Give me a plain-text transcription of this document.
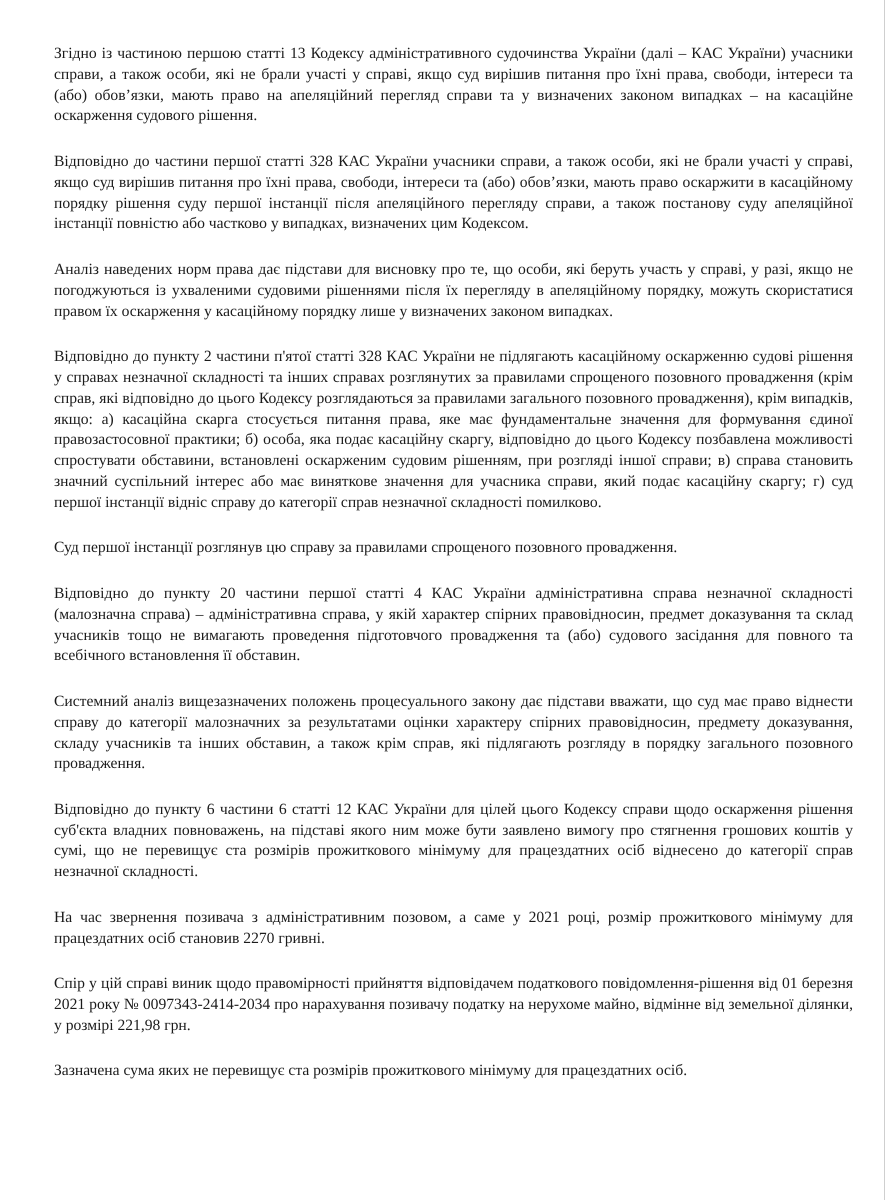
Згідно із частиною першою статті 13 Кодексу адміністративного судочинства України (далі – КАС України) учасники справи, а також особи, які не брали участі у справі, якщо суд вирішив питання про їхні права, свободи, інтереси та (або) обов’язки, мають право на апеляційний перегляд справи та у визначених законом випадках – на касаційне оскарження судового рішення.

Відповідно до частини першої статті 328 КАС України учасники справи, а також особи, які не брали участі у справі, якщо суд вирішив питання про їхні права, свободи, інтереси та (або) обов’язки, мають право оскаржити в касаційному порядку рішення суду першої інстанції після апеляційного перегляду справи, а також постанову суду апеляційної інстанції повністю або частково у випадках, визначених цим Кодексом.

Аналіз наведених норм права дає підстави для висновку про те, що особи, які беруть участь у справі, у разі, якщо не погоджуються із ухваленими судовими рішеннями після їх перегляду в апеляційному порядку, можуть скористатися правом їх оскарження у касаційному порядку лише у визначених законом випадках.

Відповідно до пункту 2 частини п'ятої статті 328 КАС України не підлягають касаційному оскарженню судові рішення у справах незначної складності та інших справах розглянутих за правилами спрощеного позовного провадження (крім справ, які відповідно до цього Кодексу розглядаються за правилами загального позовного провадження), крім випадків, якщо: а) касаційна скарга стосується питання права, яке має фундаментальне значення для формування єдиної правозастосовної практики; б) особа, яка подає касаційну скаргу, відповідно до цього Кодексу позбавлена можливості спростувати обставини, встановлені оскарженим судовим рішенням, при розгляді іншої справи; в) справа становить значний суспільний інтерес або має виняткове значення для учасника справи, який подає касаційну скаргу; г) суд першої інстанції відніс справу до категорії справ незначної складності помилково.

Суд першої інстанції розглянув цю справу за правилами спрощеного позовного провадження.

Відповідно до пункту 20 частини першої статті 4 КАС України адміністративна справа незначної складності (малозначна справа) – адміністративна справа, у якій характер спірних правовідносин, предмет доказування та склад учасників тощо не вимагають проведення підготовчого провадження та (або) судового засідання для повного та всебічного встановлення її обставин.

Системний аналіз вищезазначених положень процесуального закону дає підстави вважати, що суд має право віднести справу до категорії малозначних за результатами оцінки характеру спірних правовідносин, предмету доказування, складу учасників та інших обставин, а також крім справ, які підлягають розгляду в порядку загального позовного провадження.

Відповідно до пункту 6 частини 6 статті 12 КАС України для цілей цього Кодексу справи щодо оскарження рішення суб'єкта владних повноважень, на підставі якого ним може бути заявлено вимогу про стягнення грошових коштів у сумі, що не перевищує ста розмірів прожиткового мінімуму для працездатних осіб віднесено до категорії справ незначної складності.

На час звернення позивача з адміністративним позовом, а саме у 2021 році, розмір прожиткового мінімуму для працездатних осіб становив 2270 гривні.

Спір у цій справі виник щодо правомірності прийняття відповідачем податкового повідомлення-рішення від 01 березня 2021 року № 0097343-2414-2034 про нарахування позивачу податку на нерухоме майно, відмінне від земельної ділянки, у розмірі 221,98 грн.

Зазначена сума яких не перевищує ста розмірів прожиткового мінімуму для працездатних осіб.
